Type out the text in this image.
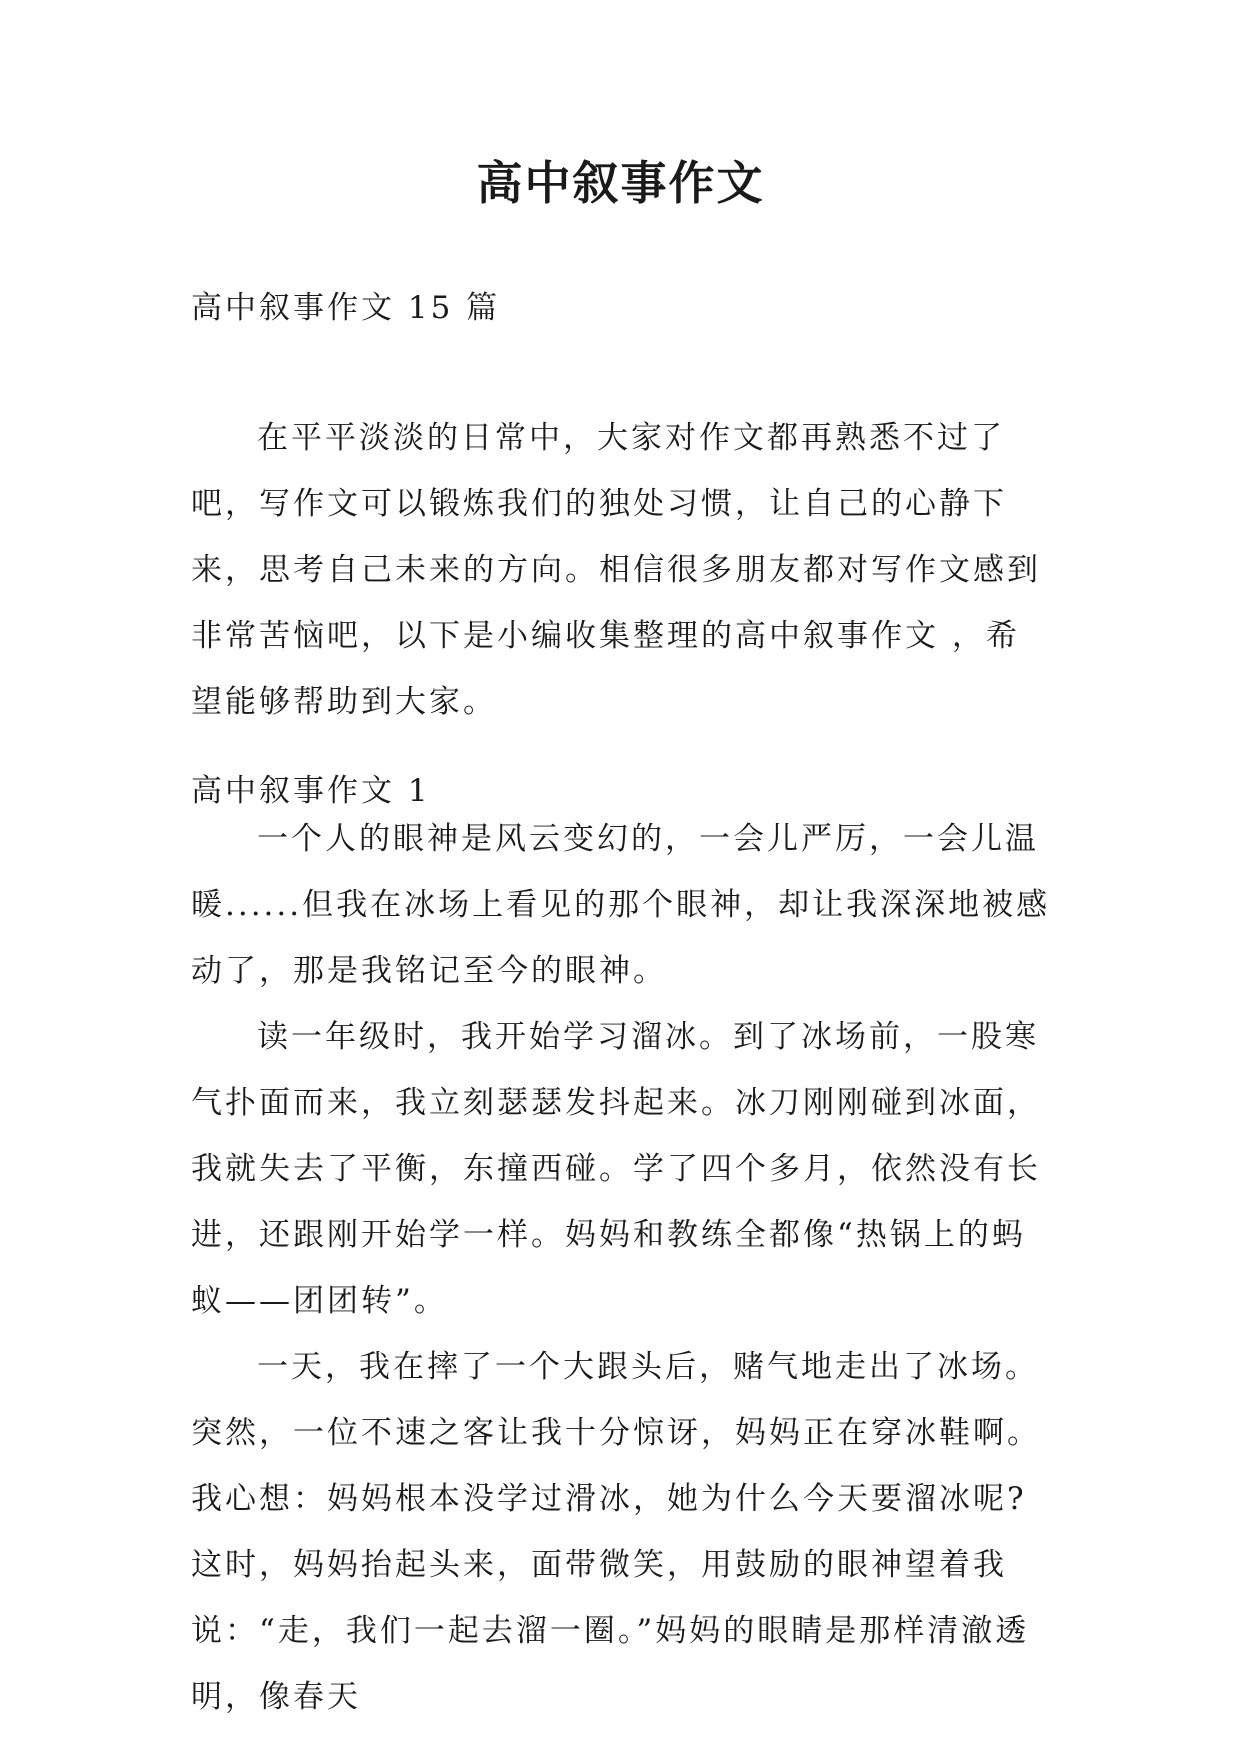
高中叙事作文
高中叙事作文 15 篇

在平平淡淡的日常中，大家对作文都再熟悉不过了吧，写作文可以锻炼我们的独处习惯，让自己的心静下来，思考自己未来的方向。相信很多朋友都对写作文感到非常苦恼吧，以下是小编收集整理的高中叙事作文 ，希望能够帮助到大家。

高中叙事作文 1

一个人的眼神是风云变幻的，一会儿严厉，一会儿温暖......但我在冰场上看见的那个眼神，却让我深深地被感动了，那是我铭记至今的眼神。

读一年级时，我开始学习溜冰。到了冰场前，一股寒气扑面而来，我立刻瑟瑟发抖起来。冰刀刚刚碰到冰面，我就失去了平衡，东撞西碰。学了四个多月，依然没有长进，还跟刚开始学一样。妈妈和教练全都像“热锅上的蚂蚁——团团转”。

一天，我在摔了一个大跟头后，赌气地走出了冰场。突然，一位不速之客让我十分惊讶，妈妈正在穿冰鞋啊。我心想：妈妈根本没学过滑冰，她为什么今天要溜冰呢?这时，妈妈抬起头来，面带微笑，用鼓励的眼神望着我说：“走，我们一起去溜一圈。”妈妈的眼睛是那样清澈透明，像春天
